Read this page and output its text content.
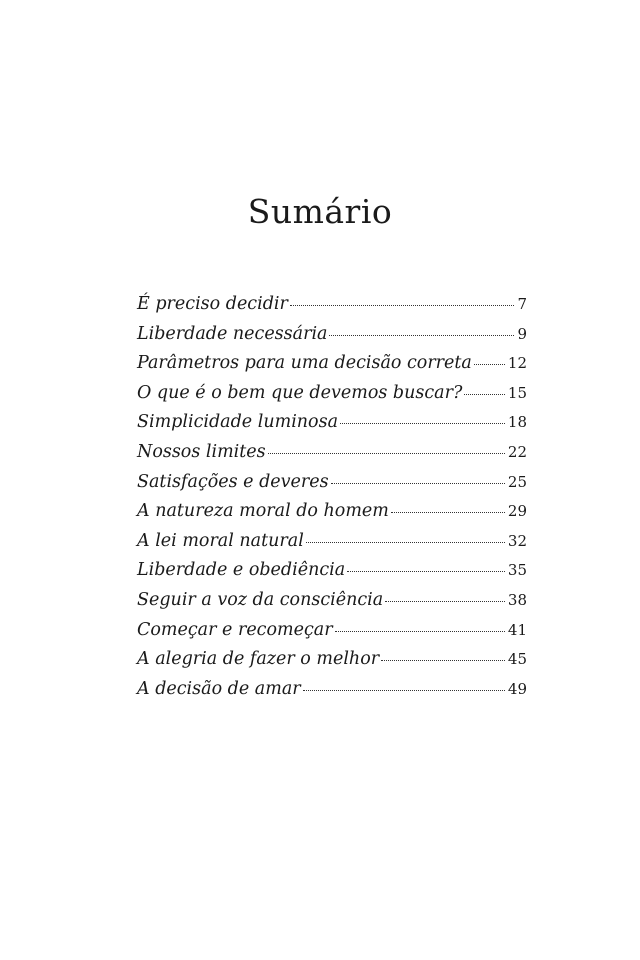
Sumário
É preciso decidir	7
Liberdade necessária	9
Parâmetros para uma decisão correta 12
O que é o bem que devemos buscar?	15
Simplicidade luminosa	18
Nossos limites	22
Satisfações e deveres	25
A natureza moral do homem	29
A lei moral natural	32
Liberdade e obediência	35
Seguir a voz da consciência	38
Começar e recomeçar	41
A alegria de fazer o melhor	45
A decisão de amar	49
